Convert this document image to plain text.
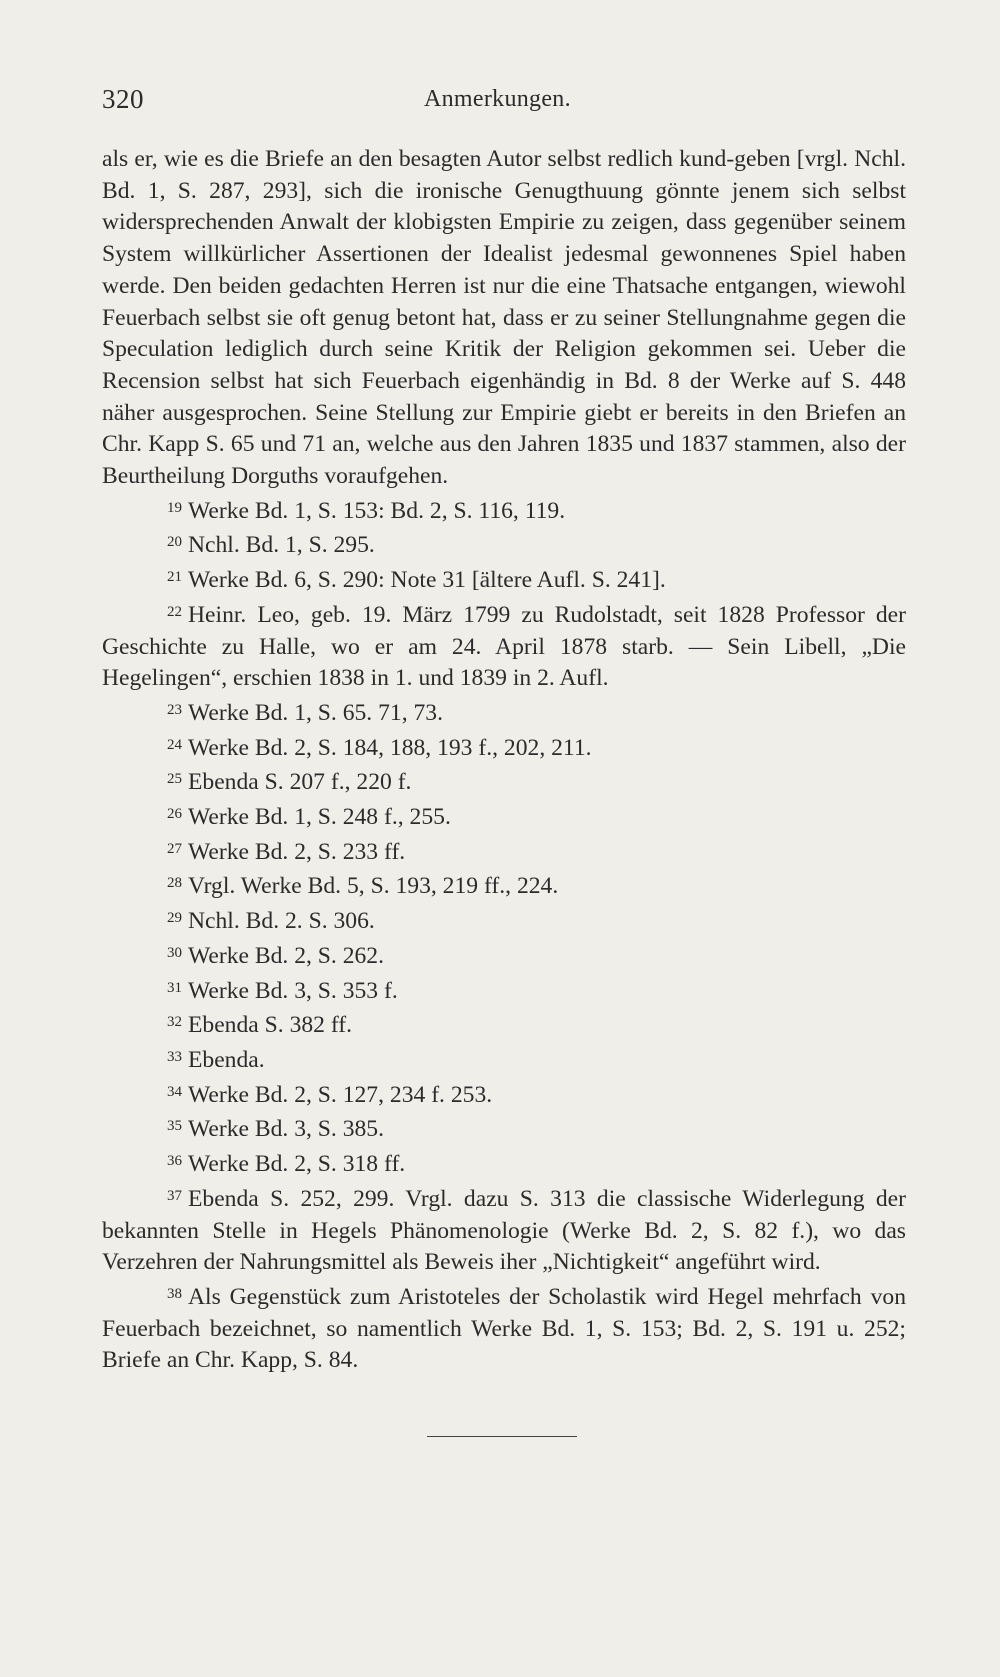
320	Anmerkungen.

als er, wie es die Briefe an den besagten Autor selbst redlich kund-geben [vrgl. Nchl. Bd. 1, S. 287, 293], sich die ironische Genugthuung gönnte jenem sich selbst widersprechenden Anwalt der klobigsten Empirie zu zeigen, dass gegenüber seinem System willkürlicher Assertionen der Idealist jedesmal gewonnenes Spiel haben werde. Den beiden gedachten Herren ist nur die eine Thatsache entgangen, wiewohl Feuerbach selbst sie oft genug betont hat, dass er zu seiner Stellungnahme gegen die Speculation lediglich durch seine Kritik der Religion gekommen sei. Ueber die Recension selbst hat sich Feuerbach eigenhändig in Bd. 8 der Werke auf S. 448 näher ausgesprochen. Seine Stellung zur Empirie giebt er bereits in den Briefen an Chr. Kapp S. 65 und 71 an, welche aus den Jahren 1835 und 1837 stammen, also der Beurtheilung Dorguths voraufgehen.

19 Werke Bd. 1, S. 153: Bd. 2, S. 116, 119.

20 Nchl. Bd. 1, S. 295.

21 Werke Bd. 6, S. 290: Note 31 [ältere Aufl. S. 241].

22 Heinr. Leo, geb. 19. März 1799 zu Rudolstadt, seit 1828 Professor der Geschichte zu Halle, wo er am 24. April 1878 starb. — Sein Libell, „Die Hegelingen“, erschien 1838 in 1. und 1839 in 2. Aufl.

23 Werke Bd. 1, S. 65. 71, 73.

24 Werke Bd. 2, S. 184, 188, 193 f., 202, 211.

25 Ebenda S. 207 f., 220 f.

26 Werke Bd. 1, S. 248 f., 255.

27 Werke Bd. 2, S. 233 ff.

28 Vrgl. Werke Bd. 5, S. 193, 219 ff., 224.

29 Nchl. Bd. 2. S. 306.

30 Werke Bd. 2, S. 262.

31 Werke Bd. 3, S. 353 f.

32 Ebenda S. 382 ff.

33 Ebenda.

34 Werke Bd. 2, S. 127, 234 f. 253.

35 Werke Bd. 3, S. 385.

36 Werke Bd. 2, S. 318 ff.

37 Ebenda S. 252, 299. Vrgl. dazu S. 313 die classische Widerlegung der bekannten Stelle in Hegels Phänomenologie (Werke Bd. 2, S. 82 f.), wo das Verzehren der Nahrungsmittel als Beweis iher „Nichtigkeit“ angeführt wird.

38 Als Gegenstück zum Aristoteles der Scholastik wird Hegel mehrfach von Feuerbach bezeichnet, so namentlich Werke Bd. 1, S. 153; Bd. 2, S. 191 u. 252; Briefe an Chr. Kapp, S. 84.
